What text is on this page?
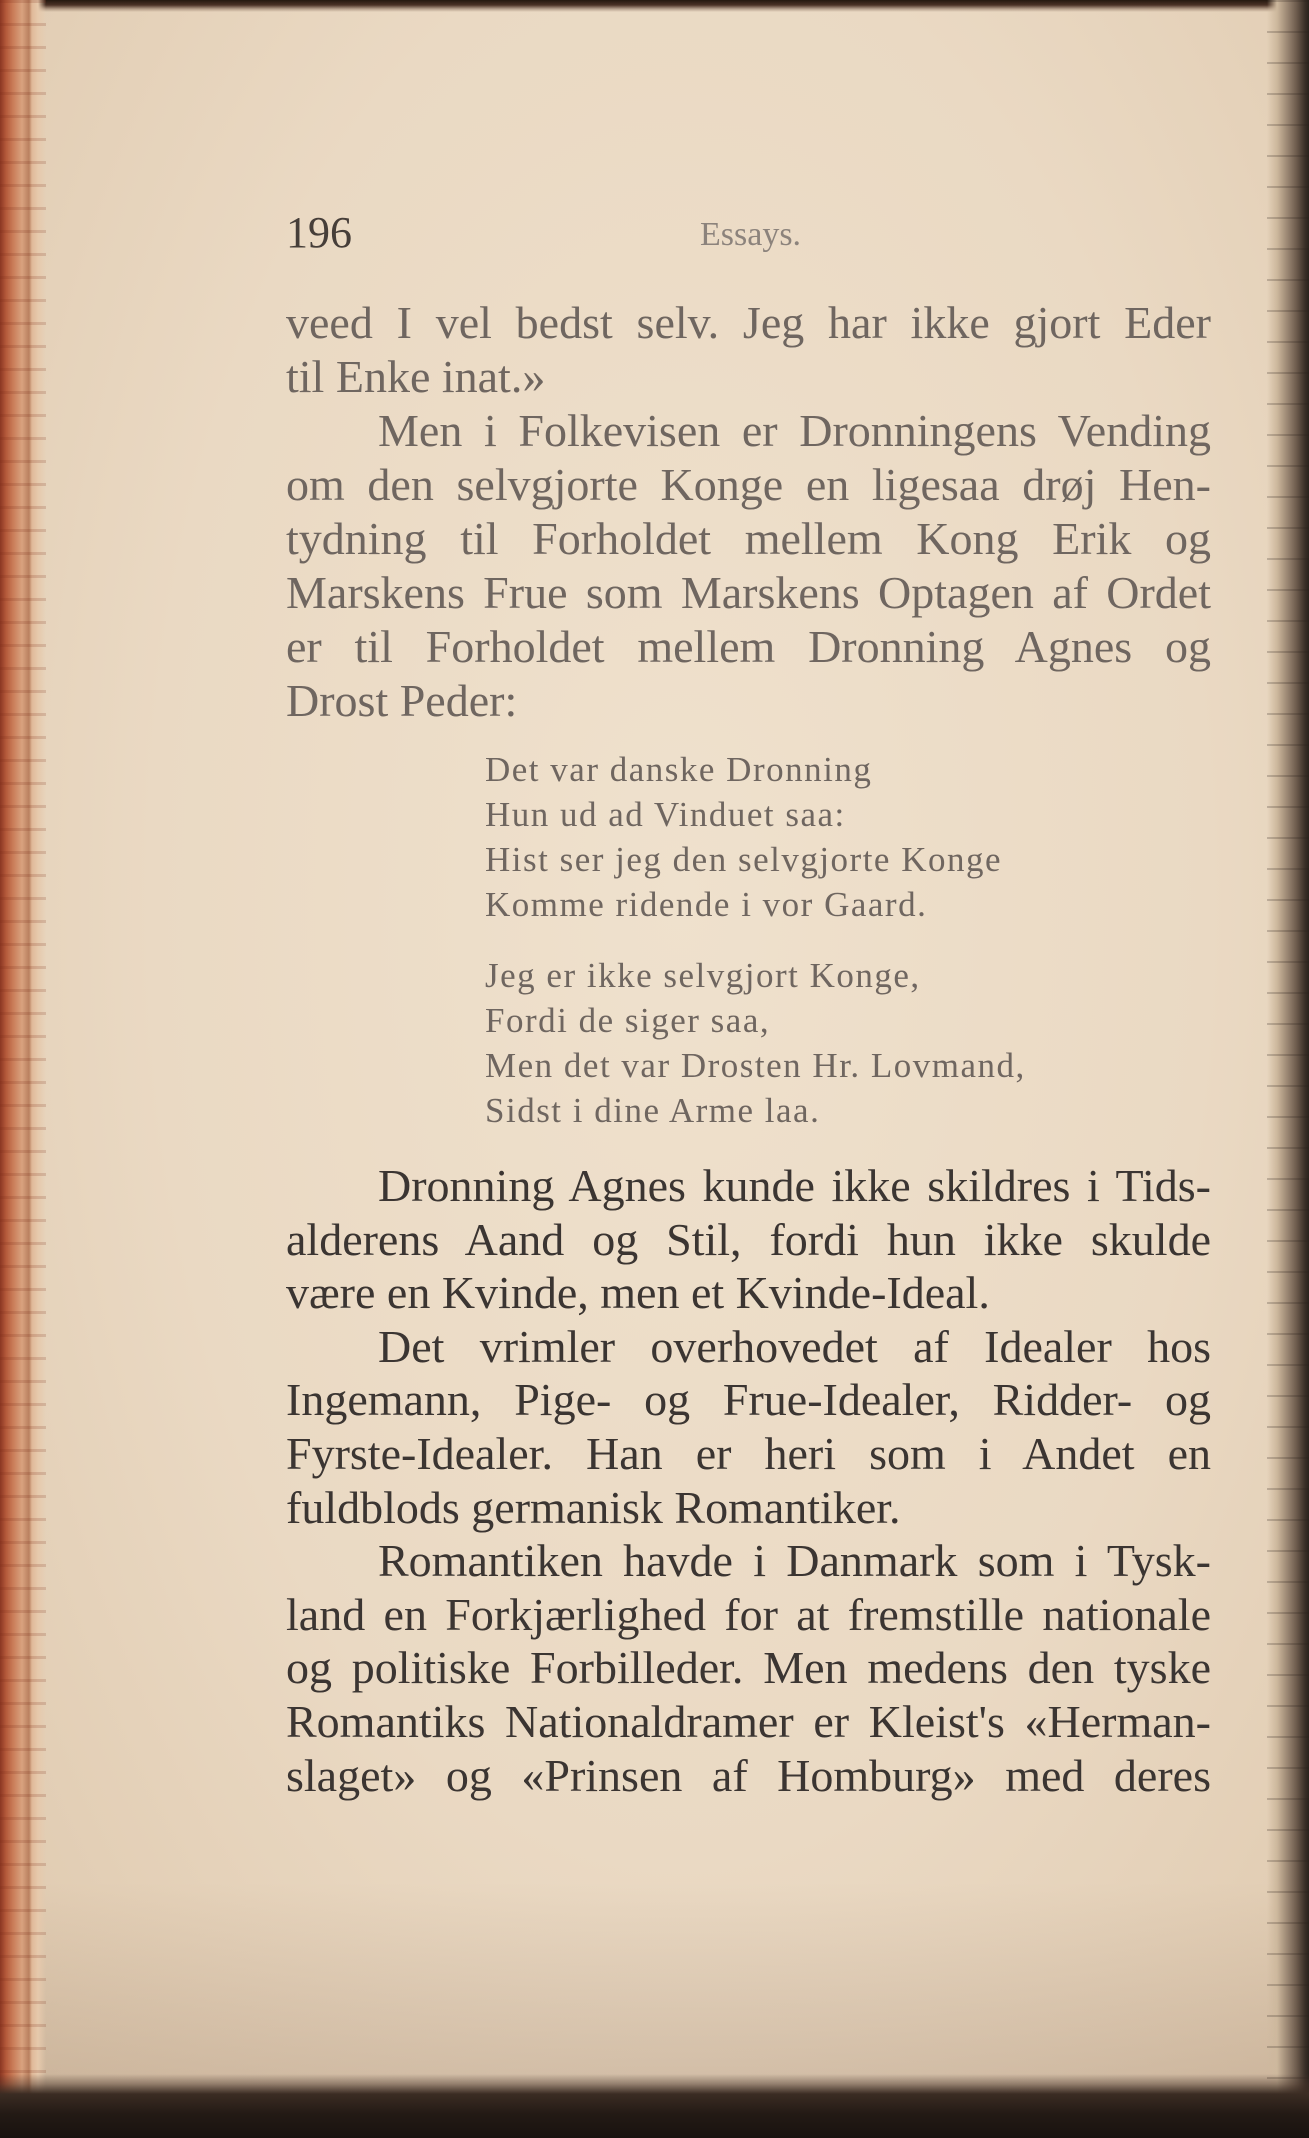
196	Essays.
veed I vel bedst selv. Jeg har ikke gjort Eder
til Enke inat.»
Men i Folkevisen er Dronningens Vending
om den selvgjorte Konge en ligesaa drøj Hen-
tydning til Forholdet mellem Kong Erik og
Marskens Frue som Marskens Optagen af Ordet
er til Forholdet mellem Dronning Agnes og
Drost Peder:
Det var danske Dronning
Hun ud ad Vinduet saa:
Hist ser jeg den selvgjorte Konge
Komme ridende i vor Gaard.
Jeg er ikke selvgjort Konge,
Fordi de siger saa,
Men det var Drosten Hr. Lovmand,
Sidst i dine Arme laa.
Dronning Agnes kunde ikke skildres i Tids-
alderens Aand og Stil, fordi hun ikke skulde
være en Kvinde, men et Kvinde-Ideal.
Det vrimler overhovedet af Idealer hos
Ingemann, Pige- og Frue-Idealer, Ridder- og
Fyrste-Idealer. Han er heri som i Andet en
fuldblods germanisk Romantiker.
Romantiken havde i Danmark som i Tysk-
land en Forkjærlighed for at fremstille nationale
og politiske Forbilleder. Men medens den tyske
Romantiks Nationaldramer er Kleist's «Herman-
slaget» og «Prinsen af Homburg» med deres
